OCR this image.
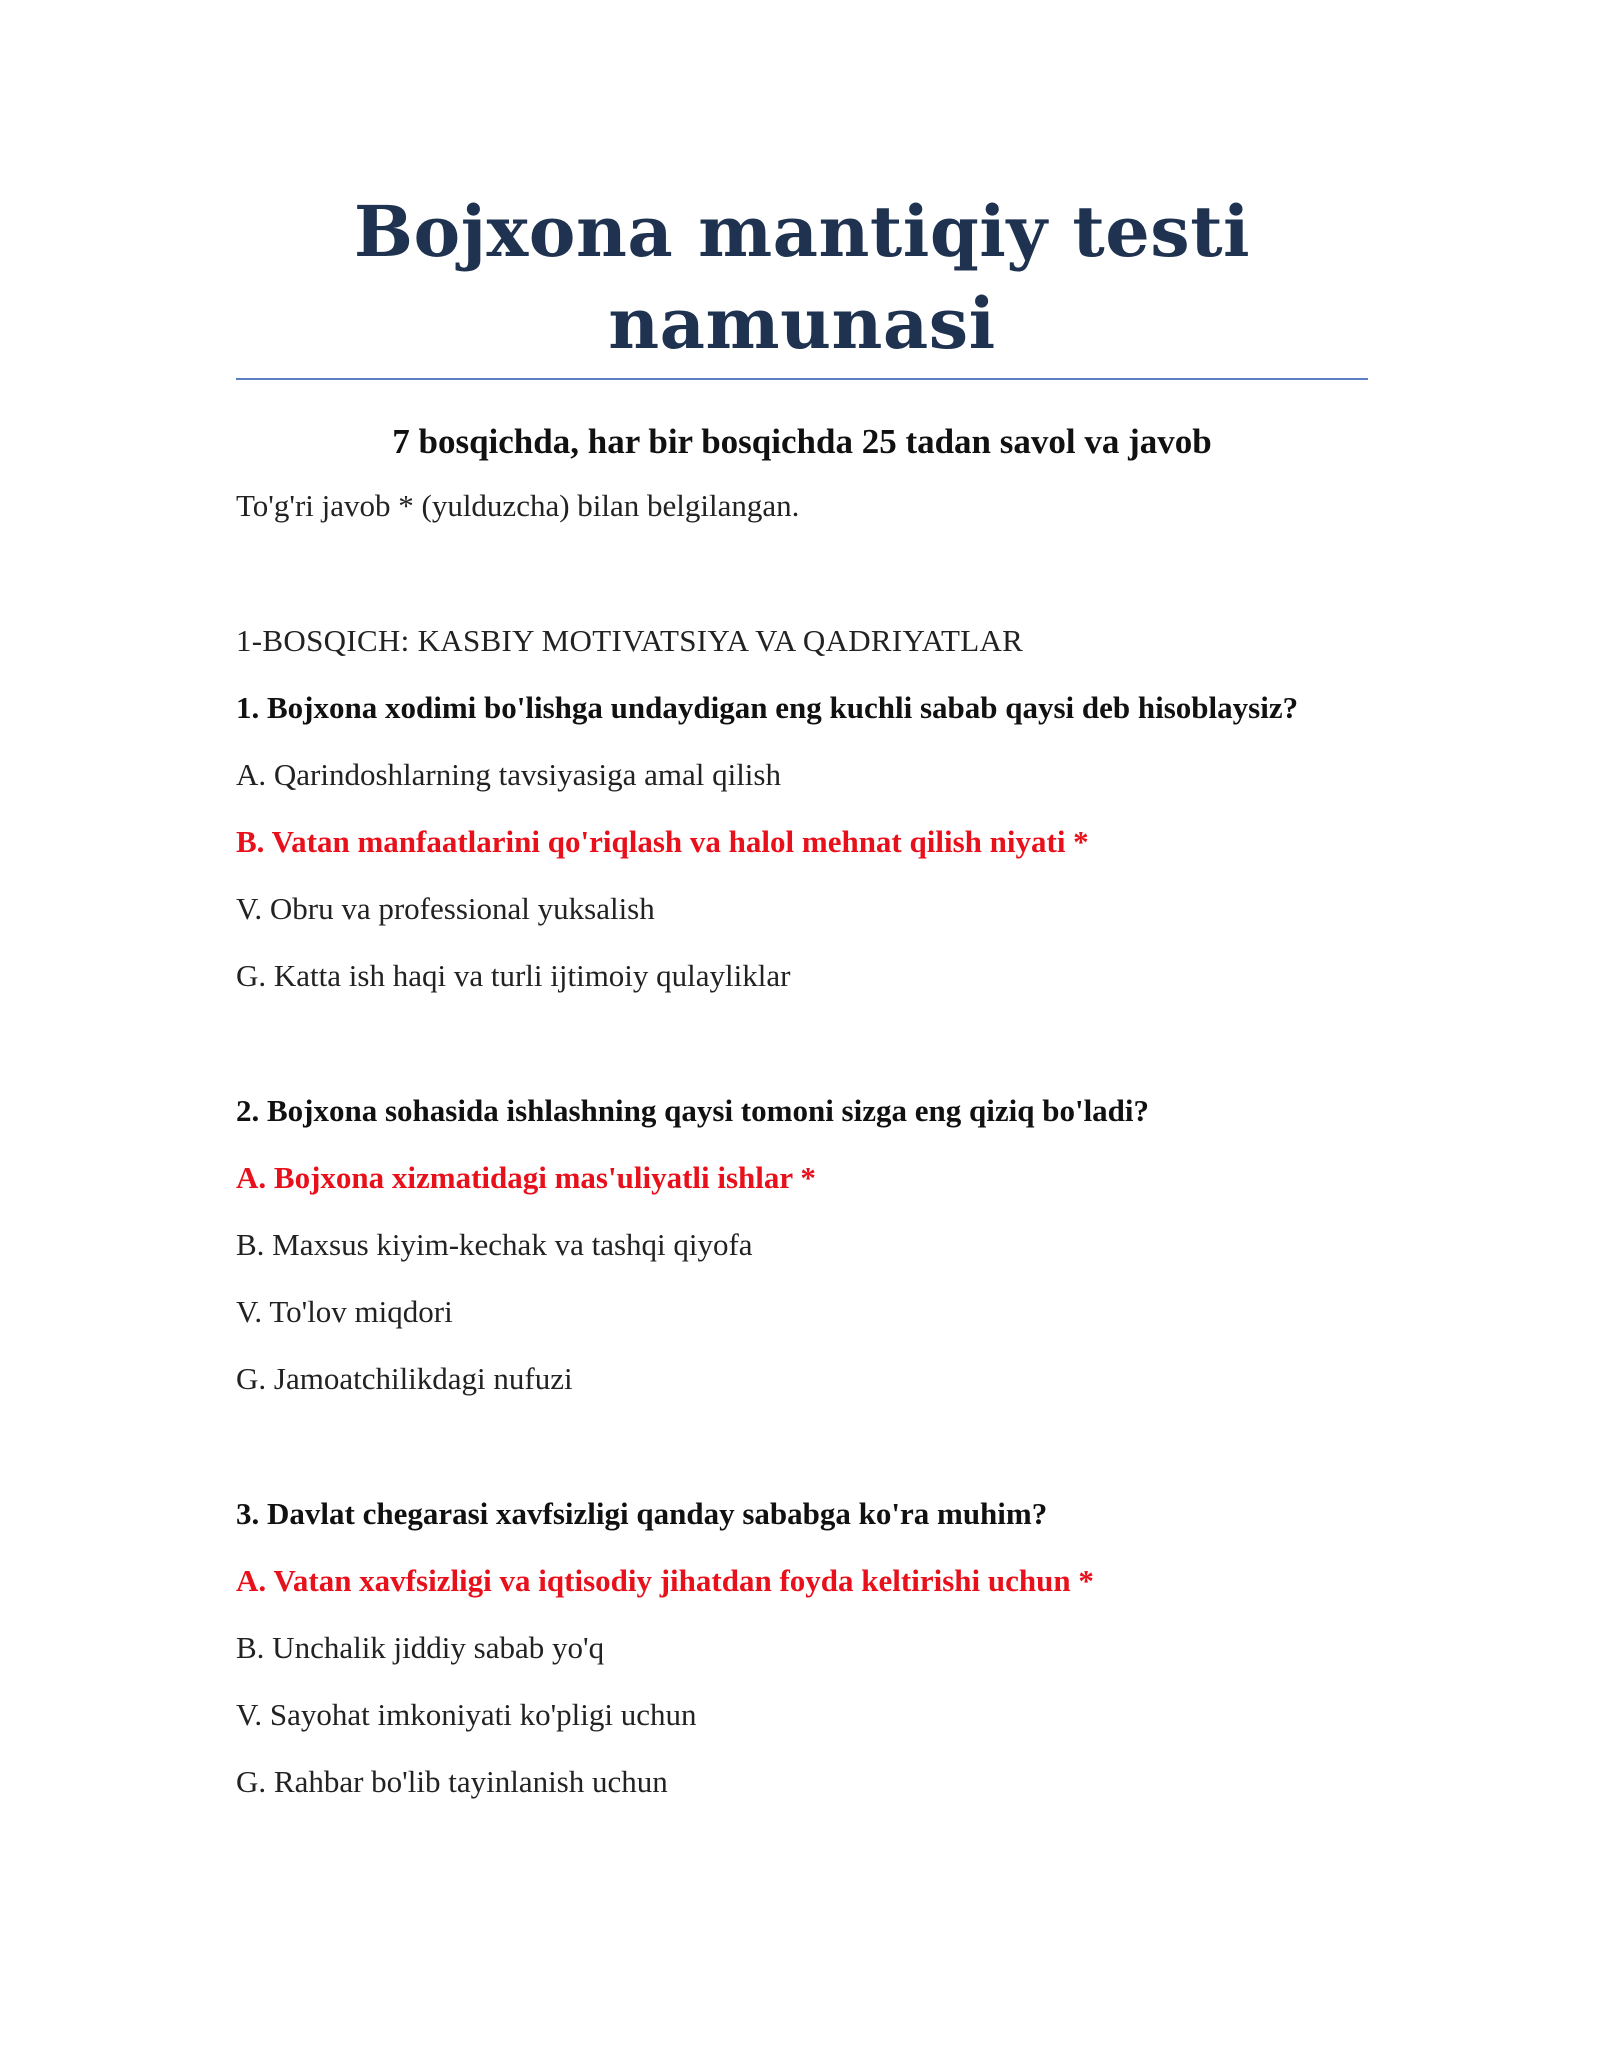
Bojxona mantiqiy testi
namunasi

7 bosqichda, har bir bosqichda 25 tadan savol va javob

To'g'ri javob * (yulduzcha) bilan belgilangan.

1-BOSQICH: KASBIY MOTIVATSIYA VA QADRIYATLAR

1. Bojxona xodimi bo'lishga undaydigan eng kuchli sabab qaysi deb hisoblaysiz?

A. Qarindoshlarning tavsiyasiga amal qilish

B. Vatan manfaatlarini qo'riqlash va halol mehnat qilish niyati *

V. Obru va professional yuksalish

G. Katta ish haqi va turli ijtimoiy qulayliklar

2. Bojxona sohasida ishlashning qaysi tomoni sizga eng qiziq bo'ladi?

A. Bojxona xizmatidagi mas'uliyatli ishlar *

B. Maxsus kiyim-kechak va tashqi qiyofa

V. To'lov miqdori

G. Jamoatchilikdagi nufuzi

3. Davlat chegarasi xavfsizligi qanday sababga ko'ra muhim?

A. Vatan xavfsizligi va iqtisodiy jihatdan foyda keltirishi uchun *

B. Unchalik jiddiy sabab yo'q

V. Sayohat imkoniyati ko'pligi uchun

G. Rahbar bo'lib tayinlanish uchun
